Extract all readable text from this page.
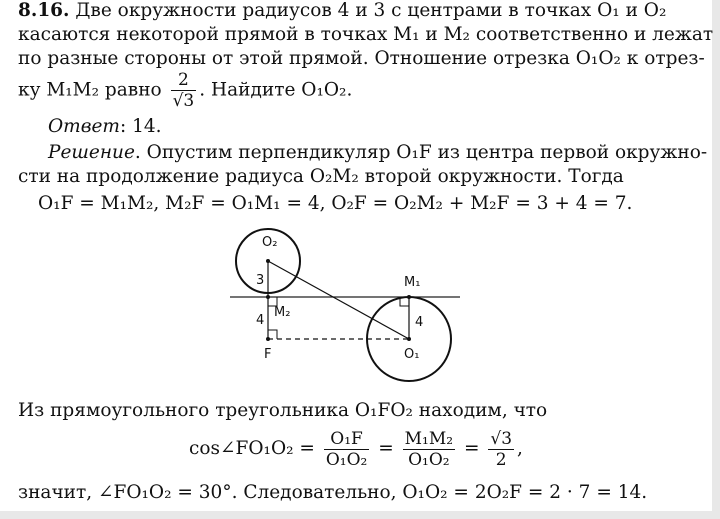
8.16. Две окружности радиусов 4 и 3 с центрами в точках O₁ и O₂
касаются некоторой прямой в точках M₁ и M₂ соответственно и лежат
по разные стороны от этой прямой. Отношение отрезка O₁O₂ к отрез-
ку M₁M₂ равно $\frac{2}{√3}$ . Найдите O₁O₂.
Ответ: 14.
Решение. Опустим перпендикуляр O₁F из центра первой окружно-
сти на продолжение радиуса O₂M₂ второй окружности. Тогда
O₁F = M₁M₂, M₂F = O₁M₁ = 4, O₂F = O₂M₂ + M₂F = 3 + 4 = 7.
O₂
3
M₂
4
F
M₁
4
O₁
Из прямоугольного треугольника O₁FO₂ находим, что
cos∠FO₁O₂ = $\frac{\text{O₁F}}{\text{O₁O₂}} = \frac{\text{M₁M₂}}{\text{O₁O₂}} = \frac{√3}{2}$ ,
значит, ∠FO₁O₂ = 30°. Следовательно, O₁O₂ = 2O₂F = 2 · 7 = 14.
